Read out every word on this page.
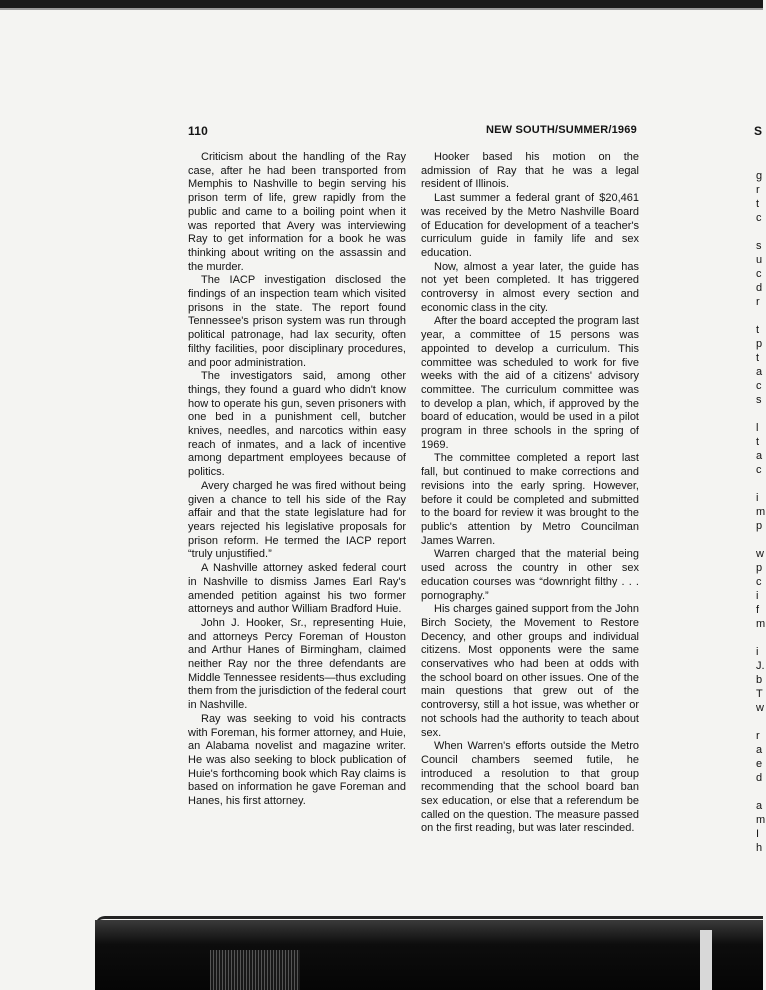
110	NEW SOUTH/SUMMER/1969	S

Criticism about the handling of the Ray case, after he had been transported from Memphis to Nashville to begin serving his prison term of life, grew rapidly from the public and came to a boiling point when it was reported that Avery was interviewing Ray to get information for a book he was thinking about writing on the assassin and the murder.

The IACP investigation disclosed the findings of an inspection team which visited prisons in the state. The report found Tennessee's prison system was run through political patronage, had lax security, often filthy facilities, poor disciplinary procedures, and poor administration.

The investigators said, among other things, they found a guard who didn't know how to operate his gun, seven prisoners with one bed in a punishment cell, butcher knives, needles, and narcotics within easy reach of inmates, and a lack of incentive among department employees because of politics.

Avery charged he was fired without being given a chance to tell his side of the Ray affair and that the state legislature had for years rejected his legislative proposals for prison reform. He termed the IACP report “truly unjustified.”

A Nashville attorney asked federal court in Nashville to dismiss James Earl Ray's amended petition against his two former attorneys and author William Bradford Huie.

John J. Hooker, Sr., representing Huie, and attorneys Percy Foreman of Houston and Arthur Hanes of Birmingham, claimed neither Ray nor the three defendants are Middle Tennessee residents—thus excluding them from the jurisdiction of the federal court in Nashville.

Ray was seeking to void his contracts with Foreman, his former attorney, and Huie, an Alabama novelist and magazine writer. He was also seeking to block publication of Huie's forthcoming book which Ray claims is based on information he gave Foreman and Hanes, his first attorney.

Hooker based his motion on the admission of Ray that he was a legal resident of Illinois.

Last summer a federal grant of $20,461 was received by the Metro Nashville Board of Education for development of a teacher's curriculum guide in family life and sex education.

Now, almost a year later, the guide has not yet been completed. It has triggered controversy in almost every section and economic class in the city.

After the board accepted the program last year, a committee of 15 persons was appointed to develop a curriculum. This committee was scheduled to work for five weeks with the aid of a citizens' advisory committee. The curriculum committee was to develop a plan, which, if approved by the board of education, would be used in a pilot program in three schools in the spring of 1969.

The committee completed a report last fall, but continued to make corrections and revisions into the early spring. However, before it could be completed and submitted to the board for review it was brought to the public's attention by Metro Councilman James Warren.

Warren charged that the material being used across the country in other sex education courses was “downright filthy . . . pornography.”

His charges gained support from the John Birch Society, the Movement to Restore Decency, and other groups and individual citizens. Most opponents were the same conservatives who had been at odds with the school board on other issues. One of the main questions that grew out of the controversy, still a hot issue, was whether or not schools had the authority to teach about sex.

When Warren's efforts outside the Metro Council chambers seemed futile, he introduced a resolution to that group recommending that the school board ban sex education, or else that a referendum be called on the question. The measure passed on the first reading, but was later rescinded.

g
r
t
c
s
u
c
d
r
t
p
t
a
c
s
l
t
a
c
i
m
p
w
p
c
i
f
m
i
J.
b
T
w
r
a
e
d
a
m
I
h
